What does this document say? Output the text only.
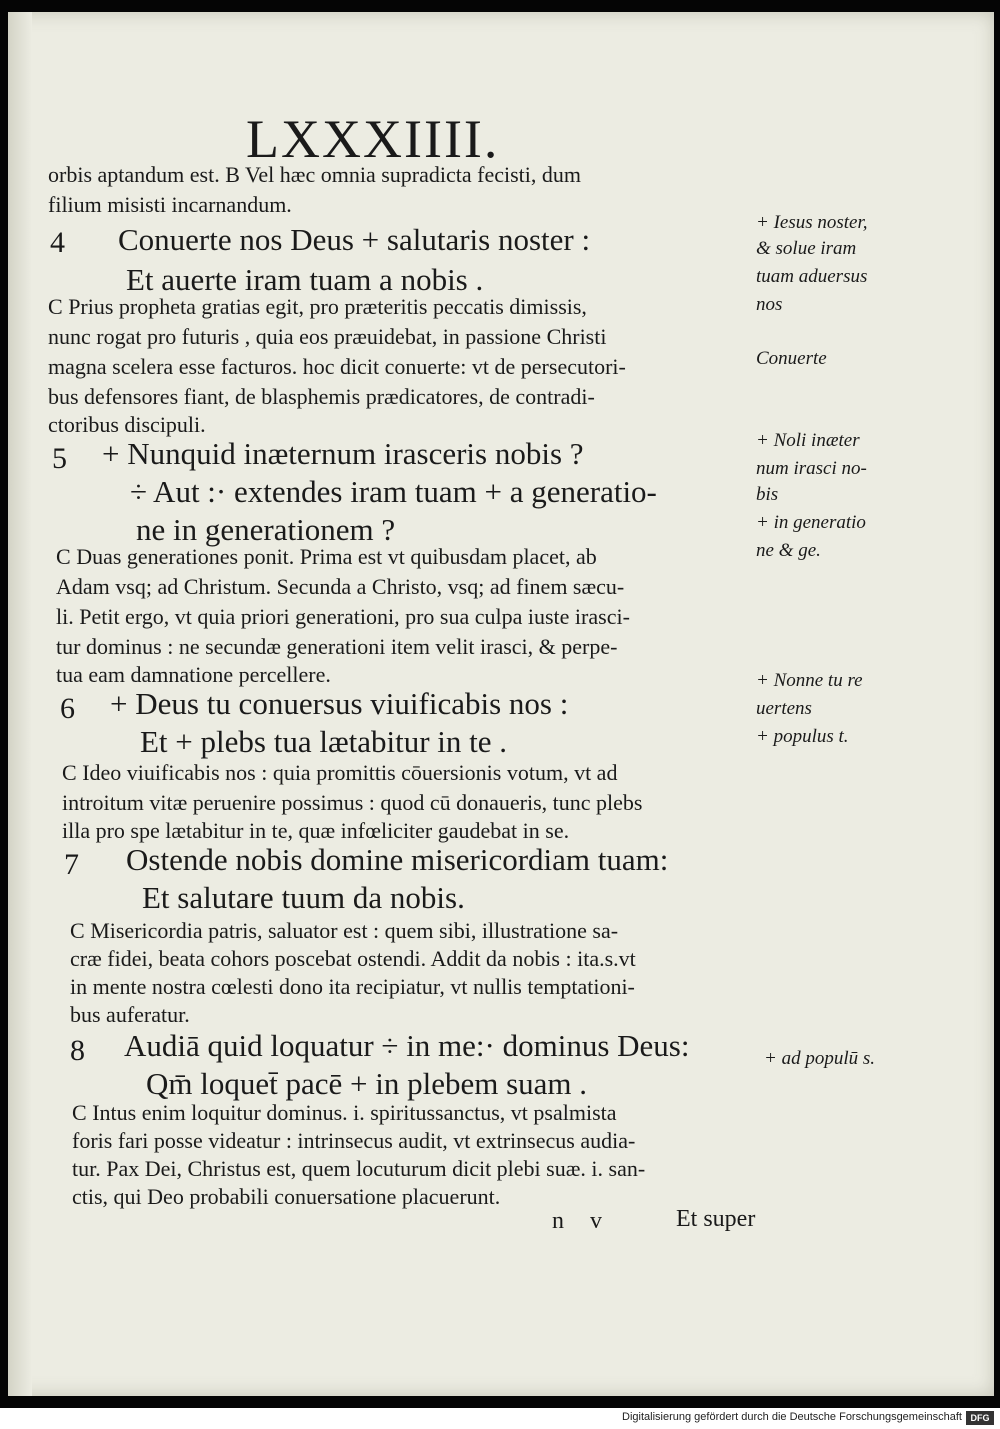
LXXXIIII.
orbis aptandum est. B Vel hæc omnia supradicta fecisti, dum
filium misisti incarnandum.
4 Conuerte nos Deus + salutaris noster :
Et auerte iram tuam a nobis .
C Prius propheta gratias egit, pro præteritis peccatis dimissis,
nunc rogat pro futuris , quia eos præuidebat, in passione Christi
magna scelera esse facturos. hoc dicit conuerte: vt de persecutori-
bus defensores fiant, de blasphemis prædicatores, de contradi-
ctoribus discipuli.
5 + Nunquid inæternum irasceris nobis ?
÷ Aut :· extendes iram tuam + a generatio-
ne in generationem ?
C Duas generationes ponit. Prima est vt quibusdam placet, ab
Adam vsq; ad Christum. Secunda a Christo, vsq; ad finem sæcu-
li. Petit ergo, vt quia priori generationi, pro sua culpa iuste irasci-
tur dominus : ne secundæ generationi item velit irasci, & perpe-
tua eam damnatione percellere.
6 + Deus tu conuersus viuificabis nos :
Et + plebs tua lætabitur in te .
C Ideo viuificabis nos : quia promittis cōuersionis votum, vt ad
introitum vitæ peruenire possimus : quod cū donaueris, tunc plebs
illa pro spe lætabitur in te, quæ infœliciter gaudebat in se.
7 Ostende nobis domine misericordiam tuam:
Et salutare tuum da nobis.
C Misericordia patris, saluator est : quem sibi, illustratione sa-
cræ fidei, beata cohors poscebat ostendi. Addit da nobis : ita.s.vt
in mente nostra cœlesti dono ita recipiatur, vt nullis temptationi-
bus auferatur.
8 Audiā quid loquatur ÷ in me:· dominus Deus:
Qm̄ loquet̄ pacē + in plebem suam .
C Intus enim loquitur dominus. i. spiritussanctus, vt psalmista
foris fari posse videatur : intrinsecus audit, vt extrinsecus audia-
tur. Pax Dei, Christus est, quem locuturum dicit plebi suæ. i. san-
ctis, qui Deo probabili conuersatione placuerunt.
n v	Et super
+ Iesus noster,
& solue iram
tuam aduersus
nos
Conuerte
+ Noli inæter
num irasci no-
bis
+ in generatio
ne & ge.
+ Nonne tu re
uertens
+ populus t.
+ ad populū s.
Digitalisierung gefördert durch die Deutsche Forschungsgemeinschaft DFG
